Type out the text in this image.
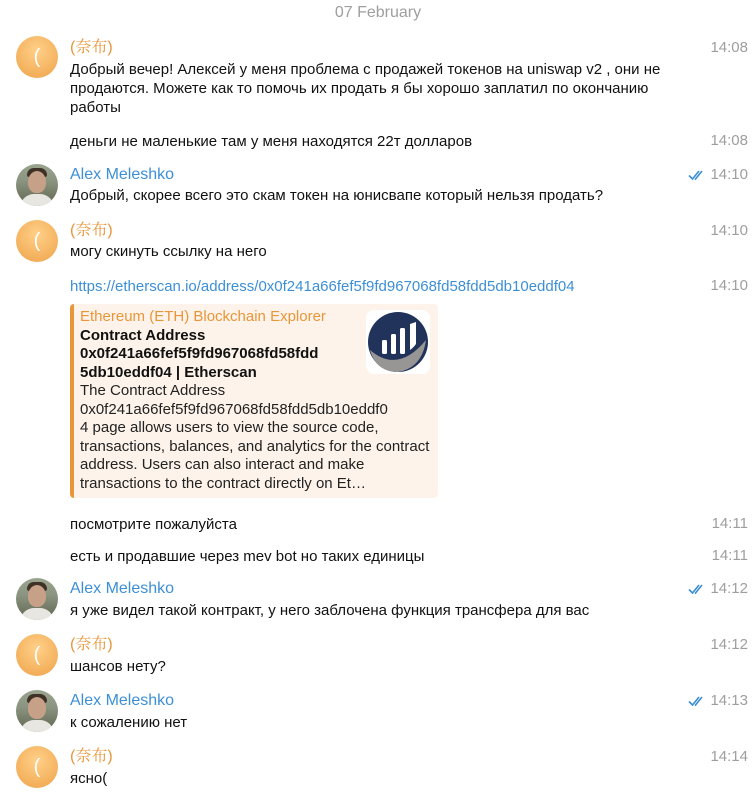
07 February
( (奈布)	14:08
Добрый вечер! Алексей у меня проблема с продажей токенов на uniswap v2 , они не продаются. Можете как то помочь их продать я бы хорошо заплатил по окончанию работы
деньги не маленькие там у меня находятся 22т долларов	14:08
Alex Meleshko	14:10
Добрый, скорее всего это скам токен на юнисвапе который нельзя продать?
( (奈布)	14:10
могу скинуть ссылку на него
https://etherscan.io/address/0x0f241a66fef5f9fd967068fd58fdd5db10eddf04	14:10
Ethereum (ETH) Blockchain Explorer
Contract Address
0x0f241a66fef5f9fd967068fd58fdd
5db10eddf04 | Etherscan
The Contract Address
0x0f241a66fef5f9fd967068fd58fdd5db10eddf0
4 page allows users to view the source code, transactions, balances, and analytics for the contract address. Users can also interact and make transactions to the contract directly on Et…
посмотрите пожалуйста	14:11
есть и продавшие через mev bot но таких единицы	14:11
Alex Meleshko	14:12
я уже видел такой контракт, у него заблочена функция трансфера для вас
( (奈布)	14:12
шансов нету?
Alex Meleshko	14:13
к сожалению нет
( (奈布)	14:14
ясно(
